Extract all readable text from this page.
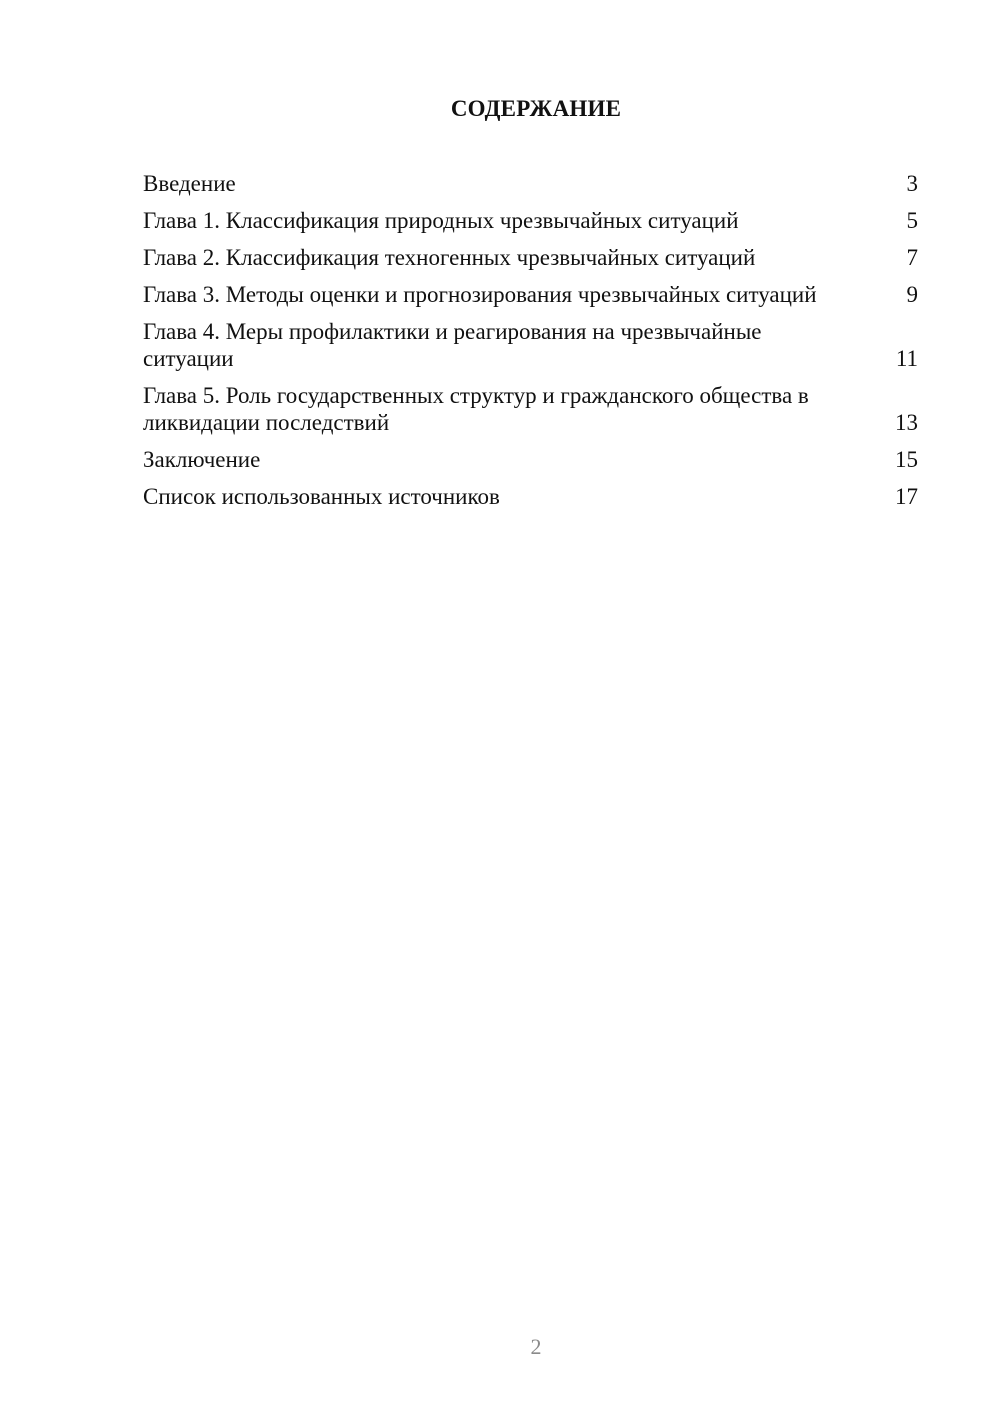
СОДЕРЖАНИЕ
Введение	3
Глава 1. Классификация природных чрезвычайных ситуаций	5
Глава 2. Классификация техногенных чрезвычайных ситуаций	7
Глава 3. Методы оценки и прогнозирования чрезвычайных ситуаций	9
Глава 4. Меры профилактики и реагирования на чрезвычайные ситуации	11
Глава 5. Роль государственных структур и гражданского общества в ликвидации последствий	13
Заключение	15
Список использованных источников	17
2
